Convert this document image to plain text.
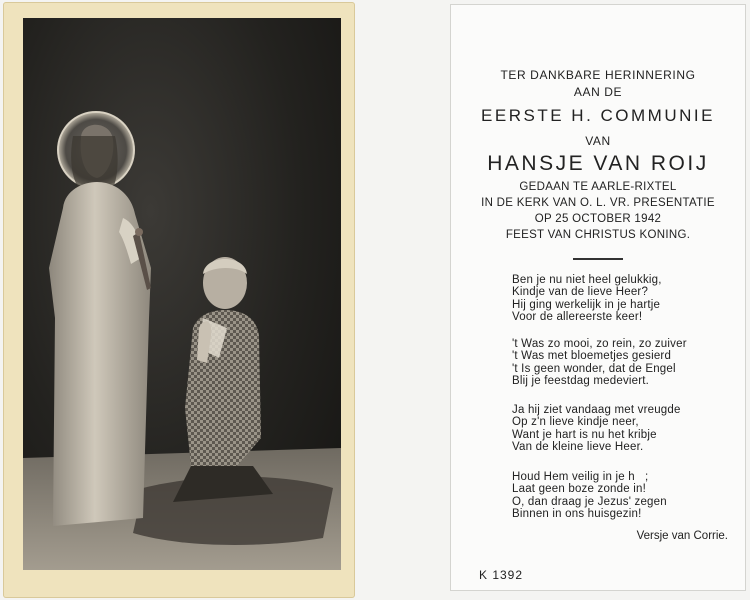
TER DANKBARE HERINNERING
AAN DE
EERSTE H. COMMUNIE
VAN
HANSJE VAN ROIJ
GEDAAN TE AARLE-RIXTEL
IN DE KERK VAN O. L. VR. PRESENTATIE
OP 25 OCTOBER 1942
FEEST VAN CHRISTUS KONING.
Ben je nu niet heel gelukkig,
Kindje van de lieve Heer?
Hij ging werkelijk in je hartje
Voor de allereerste keer!
't Was zo mooi, zo rein, zo zuiver
't Was met bloemetjes gesierd
't Is geen wonder, dat de Engel
Blij je feestdag medeviert.
Ja hij ziet vandaag met vreugde
Op z'n lieve kindje neer,
Want je hart is nu het kribje
Van de kleine lieve Heer.
Houd Hem veilig in je h   ;
Laat geen boze zonde in!
O, dan draag je Jezus' zegen
Binnen in ons huisgezin!
Versje van Corrie.
K 1392
